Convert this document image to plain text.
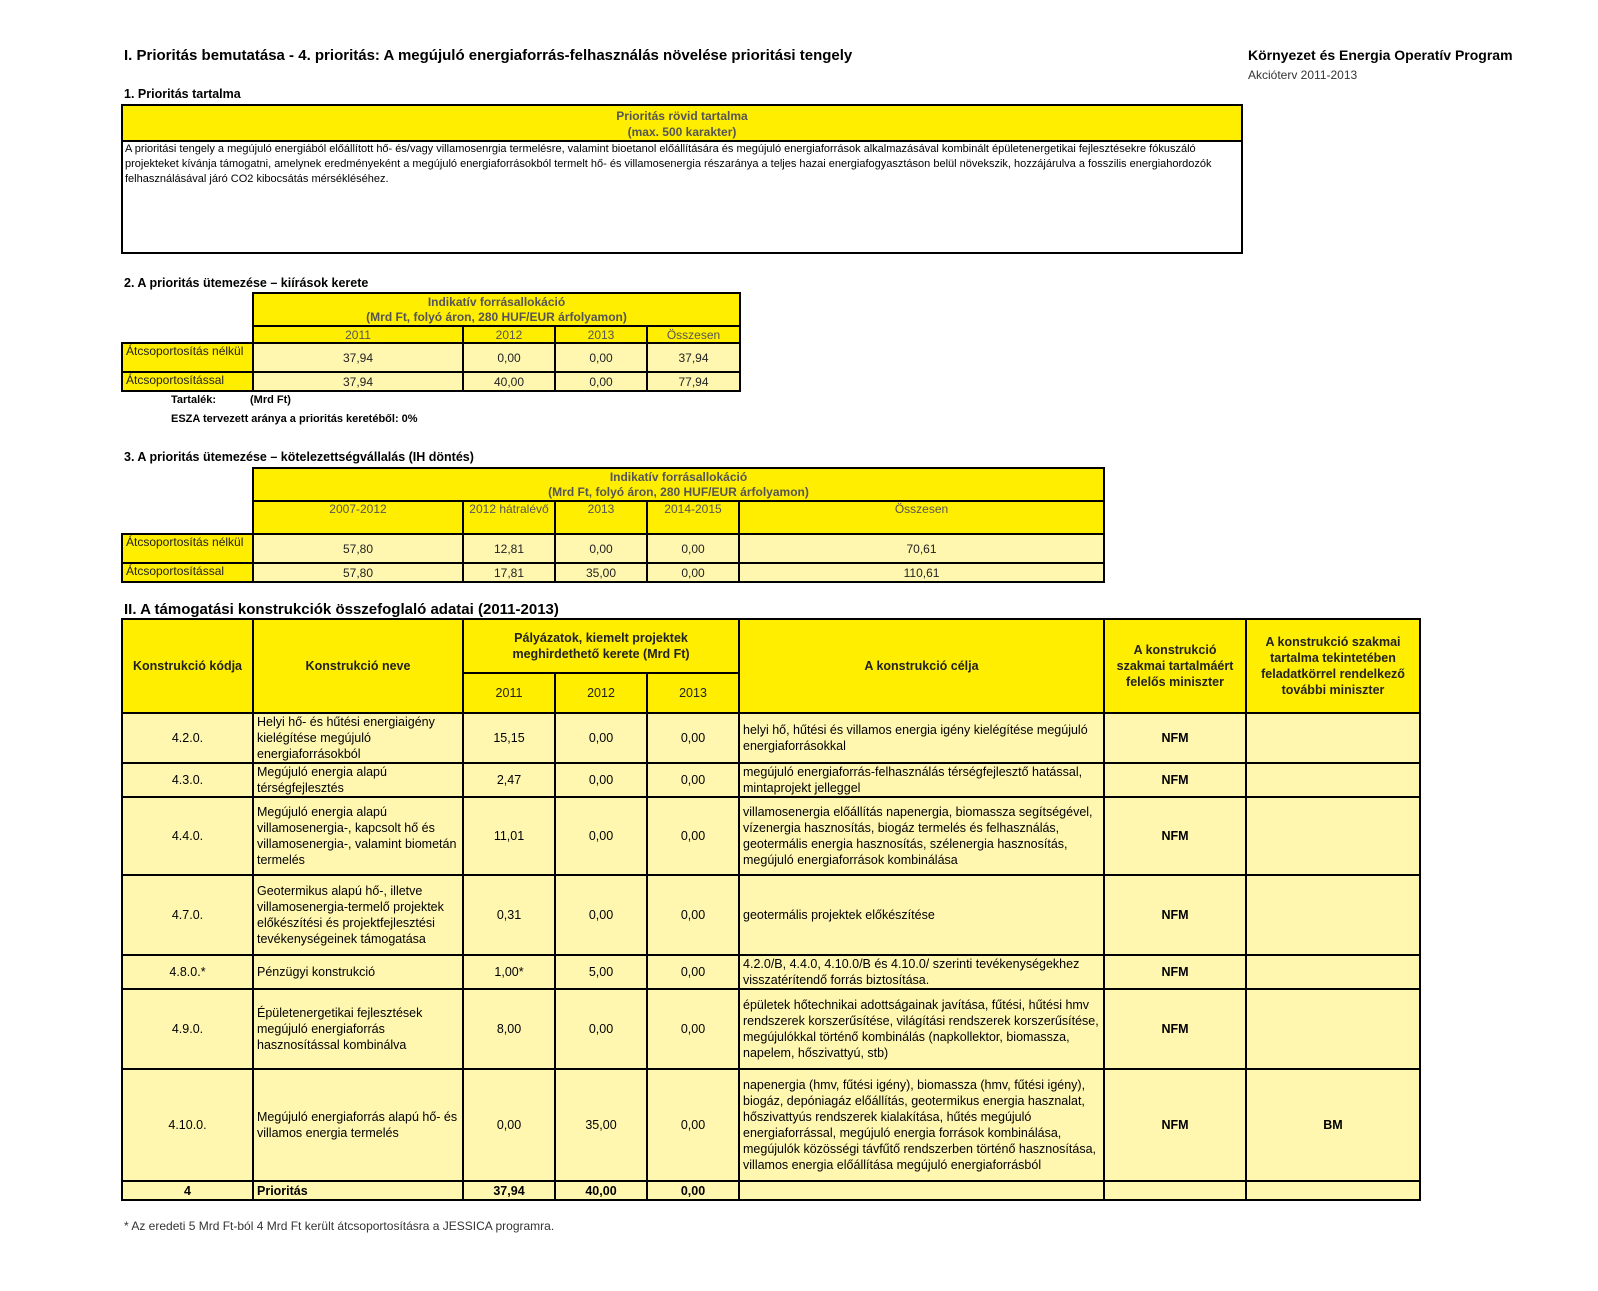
I. Prioritás bemutatása - 4. prioritás: A megújuló energiaforrás-felhasználás növelése prioritási tengely	Környezet és Energia Operatív Program
Akcióterv 2011-2013
1. Prioritás tartalma
Prioritás rövid tartalma
(max. 500 karakter)
A prioritási tengely a megújuló energiából előállított hő- és/vagy villamosenrgia termelésre, valamint bioetanol előállítására és megújuló energiaforrások alkalmazásával kombinált épületenergetikai fejlesztésekre fókuszáló projekteket kívánja támogatni, amelynek eredményeként a megújuló energiaforrásokból termelt hő- és villamosenergia részaránya a teljes hazai energiafogyasztáson belül növekszik, hozzájárulva a fosszilis energiahordozók felhasználásával járó CO2 kibocsátás mérsékléséhez.
2. A prioritás ütemezése – kiírások kerete

	Indikatív forrásallokáció
(Mrd Ft, folyó áron, 280 HUF/EUR árfolyamon)			

	2011	2012	2013	Összesen
Átcsoportosítás nélkül	37,94	0,00	0,00	37,94
Átcsoportosítással	37,94	40,00	0,00	77,94
Tartalék:	(Mrd Ft)
ESZA tervezett aránya a prioritás keretéből: 0%
3. A prioritás ütemezése – kötelezettségvállalás (IH döntés)

	Indikatív forrásallokáció
(Mrd Ft, folyó áron, 280 HUF/EUR árfolyamon)				

	2007-2012	2012 hátralévő	2013	2014-2015	Összesen
Átcsoportosítás nélkül	57,80	12,81	0,00	0,00	70,61
Átcsoportosítással	57,80	17,81	35,00	0,00	110,61
II. A támogatási konstrukciók összefoglaló adatai (2011-2013)
Konstrukció kódja	Konstrukció neve	Pályázatok, kiemelt projektek meghirdethető kerete (Mrd Ft)			A konstrukció célja	A konstrukció szakmai tartalmáért felelős miniszter	A konstrukció szakmai tartalma tekintetében feladatkörrel rendelkező további miniszter
		2011	2012	2013			
4.2.0.	Helyi hő- és hűtési energiaigény kielégítése megújuló energiaforrásokból	15,15	0,00	0,00	helyi hő, hűtési és villamos energia igény kielégítése megújuló energiaforrásokkal	NFM	
4.3.0.	Megújuló energia alapú térségfejlesztés	2,47	0,00	0,00	megújuló energiaforrás-felhasználás térségfejlesztő hatással, mintaprojekt jelleggel	NFM	
4.4.0.	Megújuló energia alapú villamosenergia-, kapcsolt hő és villamosenergia-, valamint biometán termelés	11,01	0,00	0,00	villamosenergia előállítás napenergia, biomassza segítségével, vízenergia hasznosítás, biogáz termelés és felhasználás, geotermális energia hasznosítás, szélenergia hasznosítás, megújuló energiaforrások kombinálása	NFM	
4.7.0.	Geotermikus alapú hő-, illetve villamosenergia-termelő projektek előkészítési és projektfejlesztési tevékenységeinek támogatása	0,31	0,00	0,00	geotermális projektek előkészítése	NFM	
4.8.0.*	Pénzügyi konstrukció	1,00*	5,00	0,00	4.2.0/B, 4.4.0, 4.10.0/B és 4.10.0/ szerinti tevékenységekhez visszatérítendő forrás biztosítása.	NFM	
4.9.0.	Épületenergetikai fejlesztések megújuló energiaforrás hasznosítással kombinálva	8,00	0,00	0,00	épületek hőtechnikai adottságainak javítása, fűtési, hűtési hmv rendszerek korszerűsítése, világítási rendszerek korszerűsítése, megújulókkal történő kombinálás (napkollektor, biomassza, napelem, hőszivattyú, stb)	NFM	
4.10.0.	Megújuló energiaforrás alapú hő- és villamos energia termelés	0,00	35,00	0,00	napenergia (hmv, fűtési igény), biomassza (hmv, fűtési igény), biogáz, depóniagáz előállítás, geotermikus energia hasznalat, hőszivattyús rendszerek kialakítása, hűtés megújuló energiaforrással, megújuló energia források kombinálása, megújulók közösségi távfűtő rendszerben történő hasznosítása, villamos energia előállítása megújuló energiaforrásból	NFM	BM
4	Prioritás	37,94	40,00	0,00			
* Az eredeti 5 Mrd Ft-ból 4 Mrd Ft került átcsoportosításra a JESSICA programra.
